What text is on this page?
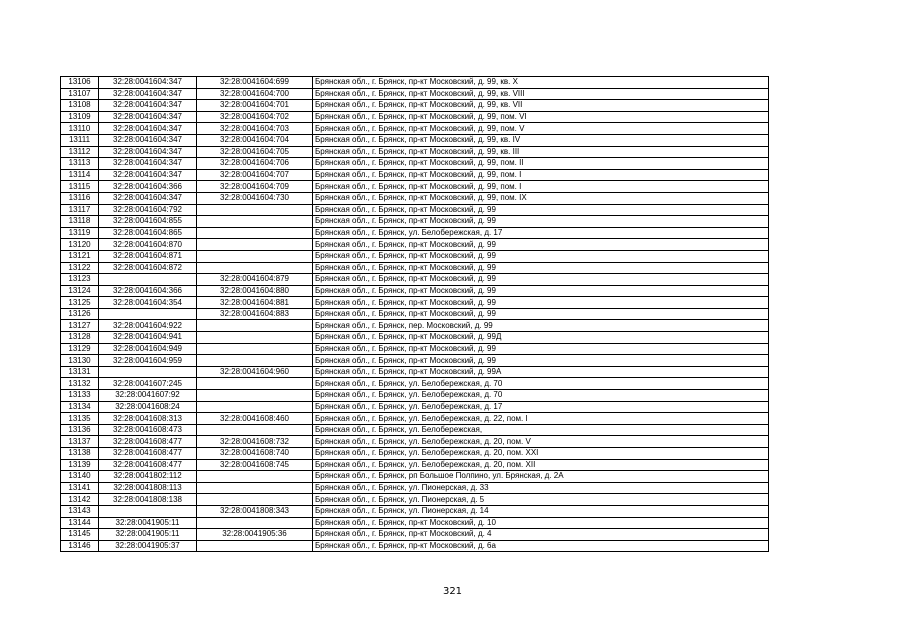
13106	32:28:0041604:347	32:28:0041604:699	Брянская обл., г. Брянск, пр-кт Московский, д. 99, кв. X
13107	32:28:0041604:347	32:28:0041604:700	Брянская обл., г. Брянск, пр-кт Московский, д. 99, кв. VIII
13108	32:28:0041604:347	32:28:0041604:701	Брянская обл., г. Брянск, пр-кт Московский, д. 99, кв. VII
13109	32:28:0041604:347	32:28:0041604:702	Брянская обл., г. Брянск, пр-кт Московский, д. 99, пом. VI
13110	32:28:0041604:347	32:28:0041604:703	Брянская обл., г. Брянск, пр-кт Московский, д. 99, пом. V
13111	32:28:0041604:347	32:28:0041604:704	Брянская обл., г. Брянск, пр-кт Московский, д. 99, кв. IV
13112	32:28:0041604:347	32:28:0041604:705	Брянская обл., г. Брянск, пр-кт Московский, д. 99, кв. III
13113	32:28:0041604:347	32:28:0041604:706	Брянская обл., г. Брянск, пр-кт Московский, д. 99, пом. II
13114	32:28:0041604:347	32:28:0041604:707	Брянская обл., г. Брянск, пр-кт Московский, д. 99, пом. I
13115	32:28:0041604:366	32:28:0041604:709	Брянская обл., г. Брянск, пр-кт Московский, д. 99, пом. I
13116	32:28:0041604:347	32:28:0041604:730	Брянская обл., г. Брянск, пр-кт Московский, д. 99, пом. IX
13117	32:28:0041604:792		Брянская обл., г. Брянск, пр-кт Московский, д. 99
13118	32:28:0041604:855		Брянская обл., г. Брянск, пр-кт Московский, д. 99
13119	32:28:0041604:865		Брянская обл., г. Брянск, ул. Белобережская, д. 17
13120	32:28:0041604:870		Брянская обл., г. Брянск, пр-кт Московский, д. 99
13121	32:28:0041604:871		Брянская обл., г. Брянск, пр-кт Московский, д. 99
13122	32:28:0041604:872		Брянская обл., г. Брянск, пр-кт Московский, д. 99
13123		32:28:0041604:879	Брянская обл., г. Брянск, пр-кт Московский, д. 99
13124	32:28:0041604:366	32:28:0041604:880	Брянская обл., г. Брянск, пр-кт Московский, д. 99
13125	32:28:0041604:354	32:28:0041604:881	Брянская обл., г. Брянск, пр-кт Московский, д. 99
13126		32:28:0041604:883	Брянская обл., г. Брянск, пр-кт Московский, д. 99
13127	32:28:0041604:922		Брянская обл., г. Брянск, пер. Московский, д. 99
13128	32:28:0041604:941		Брянская обл., г. Брянск, пр-кт Московский, д. 99Д
13129	32:28:0041604:949		Брянская обл., г. Брянск, пр-кт Московский, д. 99
13130	32:28:0041604:959		Брянская обл., г. Брянск, пр-кт Московский, д. 99
13131		32:28:0041604:960	Брянская обл., г. Брянск, пр-кт Московский, д. 99А
13132	32:28:0041607:245		Брянская обл., г. Брянск, ул. Белобережская, д. 70
13133	32:28:0041607:92		Брянская обл., г. Брянск, ул. Белобережская, д. 70
13134	32:28:0041608:24		Брянская обл., г. Брянск, ул. Белобережская, д. 17
13135	32:28:0041608:313	32:28:0041608:460	Брянская обл., г. Брянск, ул. Белобережская, д. 22, пом. I
13136	32:28:0041608:473		Брянская обл., г. Брянск, ул. Белобережская,
13137	32:28:0041608:477	32:28:0041608:732	Брянская обл., г. Брянск, ул. Белобережская, д. 20, пом. V
13138	32:28:0041608:477	32:28:0041608:740	Брянская обл., г. Брянск, ул. Белобережская, д. 20, пом. XXI
13139	32:28:0041608:477	32:28:0041608:745	Брянская обл., г. Брянск, ул. Белобережская, д. 20, пом. XII
13140	32:28:0041802:112		Брянская обл., г. Брянск, рп Большое Полпино, ул. Брянская, д. 2А
13141	32:28:0041808:113		Брянская обл., г. Брянск, ул. Пионерская, д. 33
13142	32:28:0041808:138		Брянская обл., г. Брянск, ул. Пионерская, д. 5
13143		32:28:0041808:343	Брянская обл., г. Брянск, ул. Пионерская, д. 14
13144	32:28:0041905:11		Брянская обл., г. Брянск, пр-кт Московский, д. 10
13145	32:28:0041905:11	32:28:0041905:36	Брянская обл., г. Брянск, пр-кт Московский, д. 4
13146	32:28:0041905:37		Брянская обл., г. Брянск, пр-кт Московский, д. 6а
321
